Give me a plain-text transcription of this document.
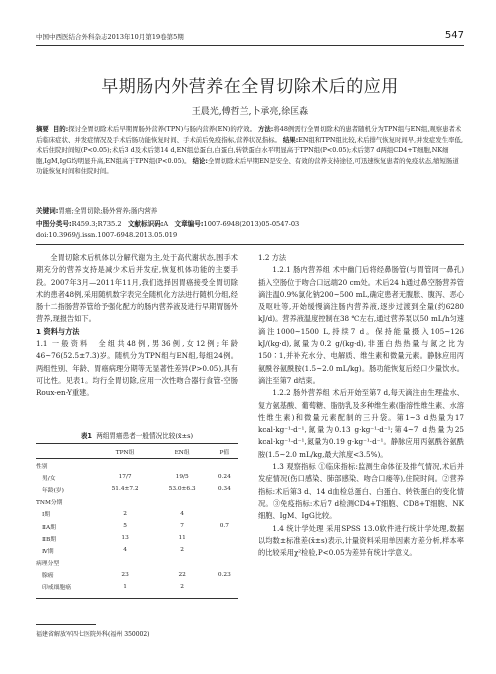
中国中西医结合外科杂志2013年10月第19卷第5期	547
早期肠内外营养在全胃切除术后的应用
王晨光,傅哲兰,卜承亮,徐匡淼
摘要 目的:探讨全胃切除术后早期胃肠外营养(TPN)与肠内营养(EN)的疗效。 方法:将48例需行全胃切除术的患者随机分为TPN组与EN组,观察患者术后临床症状、并发症情况及手术后肠功能恢复时间、手术前后免疫指标,营养状况指标。 结果:EN组和TPN组比较,术后排气恢复时间早,并发症发生率低,术后住院时间短(P<0.05);术后3 d及术后第14 d,EN组总蛋白,白蛋白,转铁蛋白水平明显高于TPN组(P<0.05);术后第7 d两组CD4+T细胞,NK细胞,IgM,IgG均明显升高,EN组高于TPN组(P<0.05)。 结论:全胃切除术后早期EN是安全、有效的营养支持途径,可迅速恢复患者的免疫状态,缩短肠道功能恢复时间和住院时间。
关键词:胃癌;全胃切除;肠外营养;肠内营养
中图分类号:R459.3;R735.2 文献标识码:A 文章编号:1007-6948(2013)05-0547-03
doi:10.3969/j.issn.1007-6948.2013.05.019

全胃切除术后机体以分解代谢为主,处于高代谢状态,围手术期充分的营养支持是减少术后并发症,恢复机体功能的主要手段。2007年3月—2011年11月,我们选择因胃癌接受全胃切除术的患者48例,采用随机数字表完全随机化方法进行随机分组,经肠十二指肠营养管给予强化配方的肠内营养液及进行早期胃肠外营养,现报告如下。

1 资料与方法

1.1 一般资料 全组共48例,男36例,女12例;年龄46~76(52.5±7.3)岁。随机分为TPN组与EN组,每组24例。两组性别、年龄、胃癌病理分期等无显著性差异(P>0.05),具有可比性。见表1。均行全胃切除,应用一次性吻合器行食管-空肠Roux-en-Y重建。

表1 两组胃癌患者一般情况比较(x̄±s)
	TPN组	EN组	P值
性别			
男/女	17/7	19/5	0.24
年龄(岁)	51.4±7.2	53.0±6.3	0.34
TNM分期			
Ⅰ期	2	4	
ⅡA期	5	7	0.7
ⅡB期	13	11	
Ⅳ期	4	2	
病理分型			
腺癌	23	22	0.23
印戒细胞癌	1	2	
福建省解放军四七医院外科(福州 350002)

1.2 方法

1.2.1 肠内营养组 术中幽门后将经鼻肠管(与胃管同一鼻孔)插入空肠位于吻合口远端20 cm处。术后24 h通过鼻空肠营养管滴注温0.9%氯化钠200~500 mL,确定患者无腹胀、腹泻、恶心及呕吐等,开始缓慢滴注肠内营养液,逐步过渡到全量(约6280 kJ/d)。营养液温度控制在38 ℃左右,通过营养泵以50 mL/h匀速滴注1000~1500 L,持续7 d。保持能量摄入105~126 kJ/(kg·d),氮量为0.2 g/(kg·d),非蛋白热热量与氮之比为150∶1,并补充水分、电解质、维生素和微量元素。静脉应用丙氨酰谷氨酰胺(1.5~2.0 mL/kg)。肠功能恢复后经口少量饮水。滴注至第7 d结束。

1.2.2 肠外营养组 术后开始至第7 d,每天滴注由生理盐水、复方氨基酸、葡萄糖、脂肪乳及多种维生素(脂溶性维生素、水溶性维生素)和微量元素配制的三升袋。第1~3 d热量为17 kcal·kg⁻¹·d⁻¹,氮量为0.13 g·kg⁻¹·d⁻¹;第4~7 d热量为25 kcal·kg⁻¹·d⁻¹,氮量为0.19 g·kg⁻¹·d⁻¹。静脉应用丙氨酰谷氨酰胺(1.5~2.0 mL/kg,最大浓度<3.5%)。

1.3 观察指标 ①临床指标:监测生命体征及排气情况,术后并发症情况(伤口感染、肺部感染、吻合口瘘等),住院时间。②营养指标:术后第3 d、14 d血检总蛋白、白蛋白、转铁蛋白的变化情况。③免疫指标:术后7 d检测CD4+T细胞、CD8+T细胞、NK细胞、IgM、IgG比较。

1.4 统计学处理 采用SPSS 13.0软件进行统计学处理,数据以均数±标准差(x̄±s)表示,计量资料采用单因素方差分析,样本率的比较采用χ²检验,P<0.05为差异有统计学意义。
